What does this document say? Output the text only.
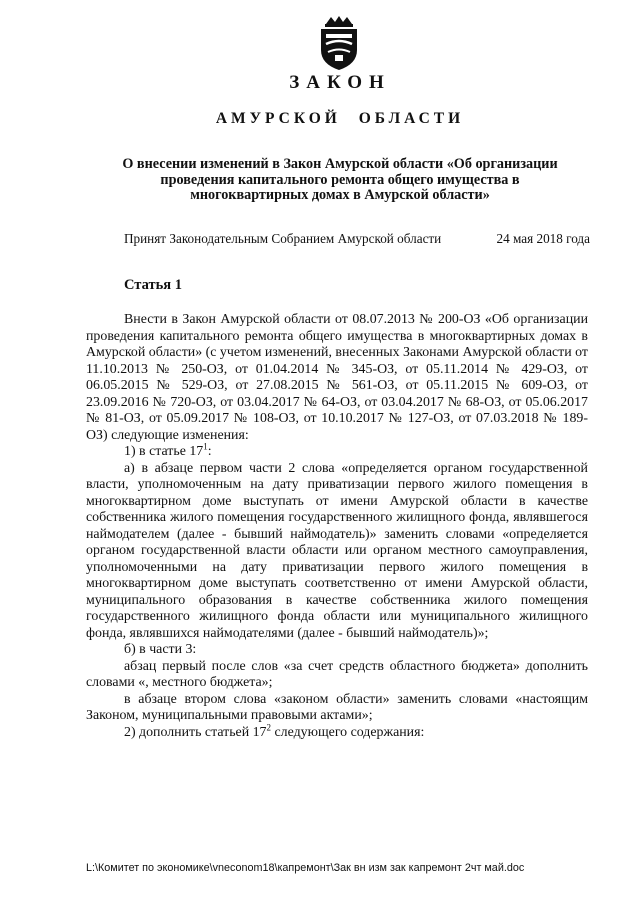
ЗАКОН
АМУРСКОЙ ОБЛАСТИ
О внесении изменений в Закон Амурской области «Об организации
проведения капитального ремонта общего имущества в
многоквартирных домах в Амурской области»
Принят Законодательным Собранием Амурской области	24 мая 2018 года
Статья 1

Внести в Закон Амурской области от 08.07.2013 № 200-ОЗ «Об организации проведения капитального ремонта общего имущества в многоквартирных домах в Амурской области» (с учетом изменений, внесенных Законами Амурской области от 11.10.2013 № 250-ОЗ, от 01.04.2014 № 345-ОЗ, от 05.11.2014 № 429-ОЗ, от 06.05.2015 № 529-ОЗ, от 27.08.2015 № 561-ОЗ, от 05.11.2015 № 609-ОЗ, от 23.09.2016 № 720-ОЗ, от 03.04.2017 № 64-ОЗ, от 03.04.2017 № 68-ОЗ, от 05.06.2017 № 81-ОЗ, от 05.09.2017 № 108-ОЗ, от 10.10.2017 № 127-ОЗ, от 07.03.2018 № 189-ОЗ) следующие изменения:

1) в статье $17^1$:

а) в абзаце первом части 2 слова «определяется органом государственной власти, уполномоченным на дату приватизации первого жилого помещения в многоквартирном доме выступать от имени Амурской области в качестве собственника жилого помещения государственного жилищного фонда, являвшегося наймодателем (далее - бывший наймодатель)» заменить словами «определяется органом государственной власти области или органом местного самоуправления, уполномоченными на дату приватизации первого жилого помещения в многоквартирном доме выступать соответственно от имени Амурской области, муниципального образования в качестве собственника жилого помещения государственного жилищного фонда области или муниципального жилищного фонда, являвшихся наймодателями (далее - бывший наймодатель)»;

б) в части 3:

абзац первый после слов «за счет средств областного бюджета» дополнить словами «, местного бюджета»;

в абзаце втором слова «законом области» заменить словами «настоящим Законом, муниципальными правовыми актами»;

2) дополнить статьей $17^2$ следующего содержания:

L:\Комитет по экономике\vneconom18\капремонт\Зак вн изм зак капремонт 2чт май.doc
